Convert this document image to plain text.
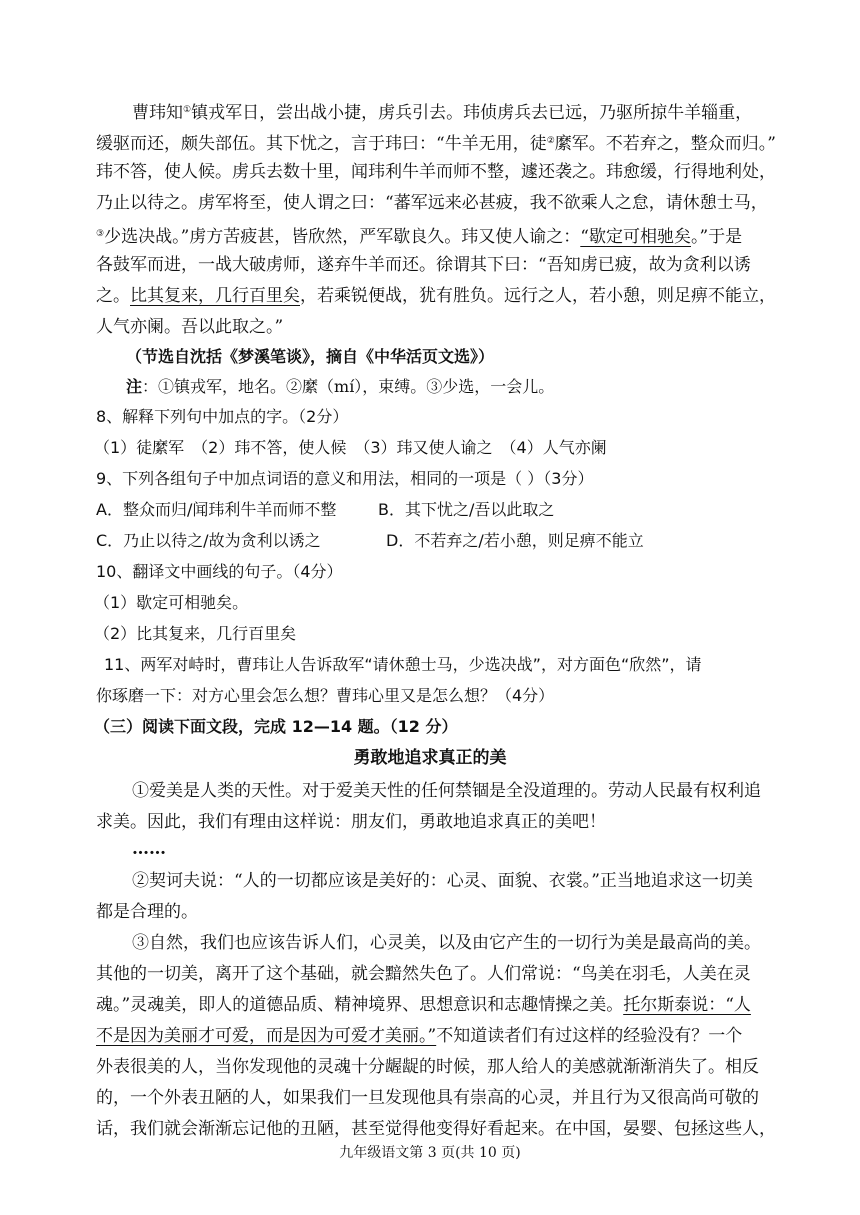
曹玮知①镇戎军日，尝出战小捷，虏兵引去。玮侦虏兵去已远，乃驱所掠牛羊辎重，
缓驱而还，颇失部伍。其下忧之，言于玮曰：“牛羊无用，徒②縻军。不若弃之，整众而归。”
玮不答，使人候。虏兵去数十里，闻玮利牛羊而师不整，遽还袭之。玮愈缓，行得地利处，
乃止以待之。虏军将至，使人谓之曰：“蕃军远来必甚疲，我不欲乘人之怠，请休憩士马，
③少选决战。”虏方苦疲甚，皆欣然，严军歇良久。玮又使人谕之：“歇定可相驰矣。”于是
各鼓军而进，一战大破虏师，遂弃牛羊而还。徐谓其下曰：“吾知虏已疲，故为贪利以诱
之。比其复来，几行百里矣，若乘锐便战，犹有胜负。远行之人，若小憩，则足痹不能立，
人气亦阑。吾以此取之。”
（节选自沈括《梦溪笔谈》，摘自《中华活页文选》）
注：①镇戎军，地名。②縻（mí），束缚。③少选，一会儿。
8、解释下列句中加点的字。（2分）
（1）徒縻军　（2）玮不答，使人候　（3）玮又使人谕之　（4）人气亦阑
9、下列各组句子中加点词语的意义和用法，相同的一项是（ ）（3分）
A．整众而归/闻玮利牛羊而师不整	B．其下忧之/吾以此取之
C．乃止以待之/故为贪利以诱之	D．不若弃之/若小憩，则足痹不能立
10、翻译文中画线的句子。（4分）
（1）歇定可相驰矣。
（2）比其复来，几行百里矣
11、两军对峙时，曹玮让人告诉敌军“请休憩士马，少选决战”，对方面色“欣然”，请
你琢磨一下：对方心里会怎么想？曹玮心里又是怎么想？（4分）
（三）阅读下面文段，完成 12—14 题。（12 分）
勇敢地追求真正的美
①爱美是人类的天性。对于爱美天性的任何禁锢是全没道理的。劳动人民最有权利追
求美。因此，我们有理由这样说：朋友们，勇敢地追求真正的美吧！
……
②契诃夫说：“人的一切都应该是美好的：心灵、面貌、衣裳。”正当地追求这一切美
都是合理的。
③自然，我们也应该告诉人们，心灵美，以及由它产生的一切行为美是最高尚的美。
其他的一切美，离开了这个基础，就会黯然失色了。人们常说：“鸟美在羽毛，人美在灵
魂。”灵魂美，即人的道德品质、精神境界、思想意识和志趣情操之美。托尔斯泰说：“人
不是因为美丽才可爱，而是因为可爱才美丽。”不知道读者们有过这样的经验没有？一个
外表很美的人，当你发现他的灵魂十分龌龊的时候，那人给人的美感就渐渐消失了。相反
的，一个外表丑陋的人，如果我们一旦发现他具有崇高的心灵，并且行为又很高尚可敬的
话，我们就会渐渐忘记他的丑陋，甚至觉得他变得好看起来。在中国，晏婴、包拯这些人，
九年级语文第 3 页(共 10 页)
